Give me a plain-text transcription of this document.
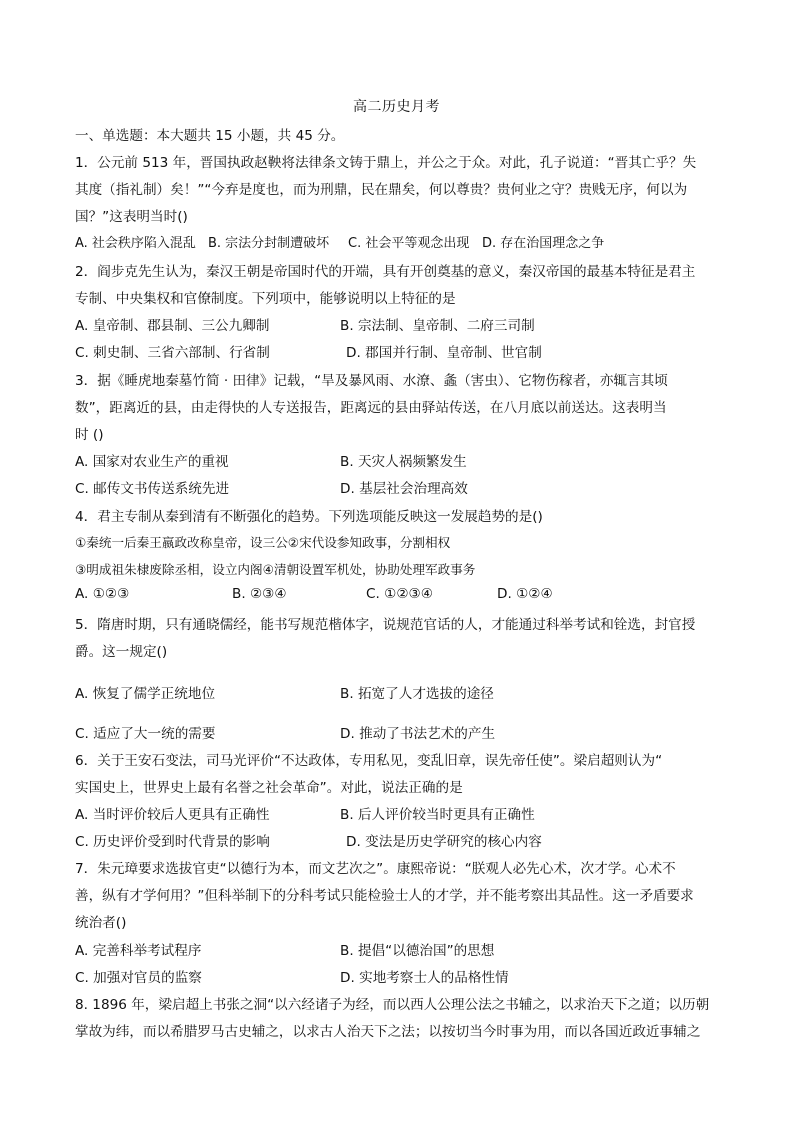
高二历史月考
一、单选题：本大题共 15 小题，共 45 分。
1．公元前 513 年，晋国执政赵鞅将法律条文铸于鼎上，并公之于众。对此，孔子说道：“晋其亡乎？失
其度（指礼制）矣！”“今弃是度也，而为刑鼎，民在鼎矣，何以尊贵？贵何业之守？贵贱无序，何以为
国？”这表明当时()
A. 社会秩序陷入混乱 B. 宗法分封制遭破坏 C. 社会平等观念出现 D. 存在治国理念之争
2．阎步克先生认为，秦汉王朝是帝国时代的开端，具有开创奠基的意义，秦汉帝国的最基本特征是君主
专制、中央集权和官僚制度。下列项中，能够说明以上特征的是
A. 皇帝制、郡县制、三公九卿制	B. 宗法制、皇帝制、二府三司制
C. 刺史制、三省六部制、行省制	D. 郡国并行制、皇帝制、世官制
3．据《睡虎地秦墓竹简 · 田律》记载，“旱及暴风雨、水潦、螽（害虫）、它物伤稼者，亦辄言其顷
数”，距离近的县，由走得快的人专送报告，距离远的县由驿站传送，在八月底以前送达。这表明当
时 ()
A. 国家对农业生产的重视	B. 天灾人祸频繁发生
C. 邮传文书传送系统先进	D. 基层社会治理高效
4．君主专制从秦到清有不断强化的趋势。下列选项能反映这一发展趋势的是()
①秦统一后秦王嬴政改称皇帝，设三公②宋代设参知政事，分割相权
③明成祖朱棣废除丞相，设立内阁④清朝设置军机处，协助处理军政事务
A. ①②③	B. ②③④	C. ①②③④	D. ①②④
5．隋唐时期，只有通晓儒经，能书写规范楷体字，说规范官话的人，才能通过科举考试和铨选，封官授
爵。这一规定()
A. 恢复了儒学正统地位	B. 拓宽了人才选拔的途径
C. 适应了大一统的需要	D. 推动了书法艺术的产生
6．关于王安石变法，司马光评价“不达政体，专用私见，变乱旧章，误先帝任使”。梁启超则认为“
实国史上，世界史上最有名誉之社会革命”。对此，说法正确的是
A. 当时评价较后人更具有正确性	B. 后人评价较当时更具有正确性
C. 历史评价受到时代背景的影响	D. 变法是历史学研究的核心内容
7．朱元璋要求选拔官吏“以德行为本，而文艺次之”。康熙帝说：“朕观人必先心术，次才学。心术不
善，纵有才学何用？”但科举制下的分科考试只能检验士人的才学，并不能考察出其品性。这一矛盾要求
统治者()
A. 完善科举考试程序	B. 提倡“以德治国”的思想
C. 加强对官员的监察	D. 实地考察士人的品格性情
8. 1896 年，梁启超上书张之洞“以六经诸子为经，而以西人公理公法之书辅之，以求治天下之道；以历朝
掌故为纬，而以希腊罗马古史辅之，以求古人治天下之法；以按切当今时事为用，而以各国近政近事辅之
